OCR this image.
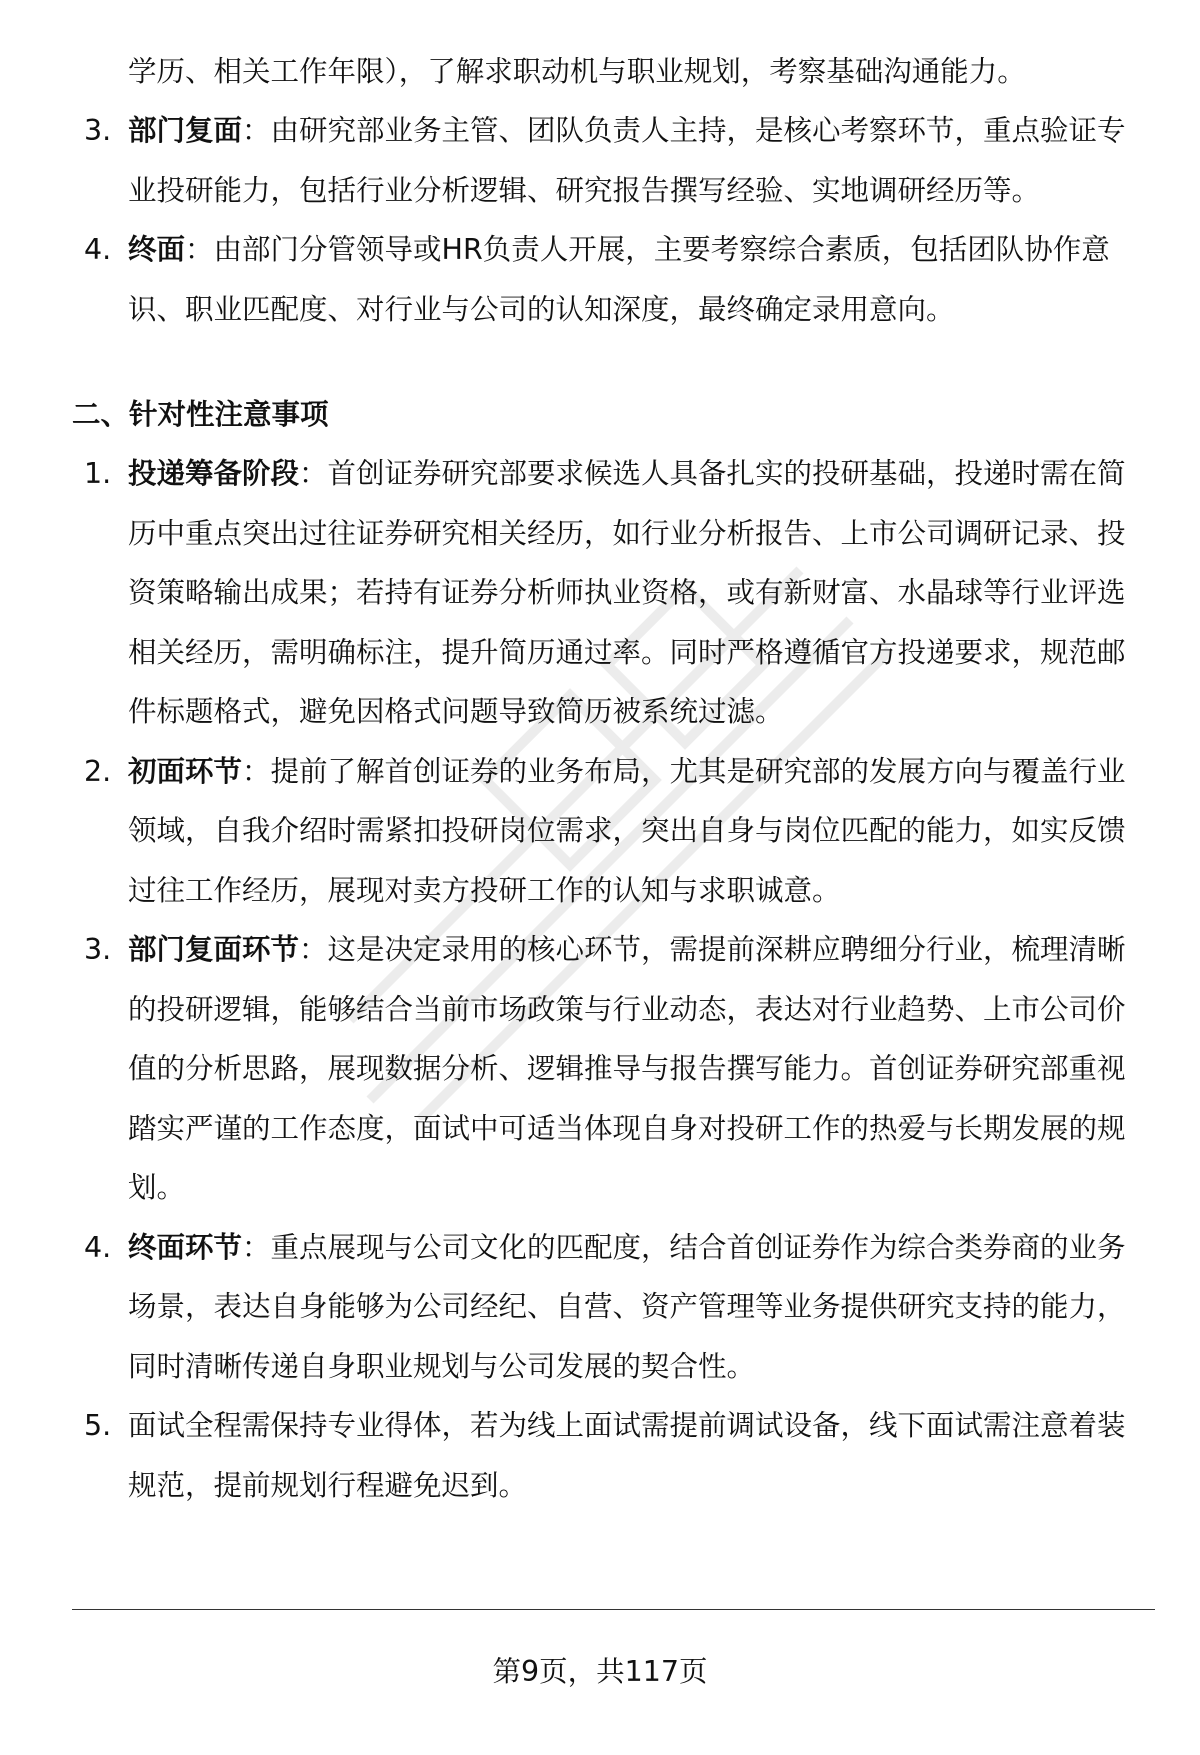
学历、相关工作年限），了解求职动机与职业规划，考察基础沟通能力。
3. 部门复面：由研究部业务主管、团队负责人主持，是核心考察环节，重点验证专业投研能力，包括行业分析逻辑、研究报告撰写经验、实地调研经历等。
4. 终面：由部门分管领导或HR负责人开展，主要考察综合素质，包括团队协作意识、职业匹配度、对行业与公司的认知深度，最终确定录用意向。
二、针对性注意事项
1. 投递筹备阶段：首创证券研究部要求候选人具备扎实的投研基础，投递时需在简历中重点突出过往证券研究相关经历，如行业分析报告、上市公司调研记录、投资策略输出成果；若持有证券分析师执业资格，或有新财富、水晶球等行业评选相关经历，需明确标注，提升简历通过率。同时严格遵循官方投递要求，规范邮件标题格式，避免因格式问题导致简历被系统过滤。
2. 初面环节：提前了解首创证券的业务布局，尤其是研究部的发展方向与覆盖行业领域，自我介绍时需紧扣投研岗位需求，突出自身与岗位匹配的能力，如实反馈过往工作经历，展现对卖方投研工作的认知与求职诚意。
3. 部门复面环节：这是决定录用的核心环节，需提前深耕应聘细分行业，梳理清晰的投研逻辑，能够结合当前市场政策与行业动态，表达对行业趋势、上市公司价值的分析思路，展现数据分析、逻辑推导与报告撰写能力。首创证券研究部重视踏实严谨的工作态度，面试中可适当体现自身对投研工作的热爱与长期发展的规划。
4. 终面环节：重点展现与公司文化的匹配度，结合首创证券作为综合类券商的业务场景，表达自身能够为公司经纪、自营、资产管理等业务提供研究支持的能力，同时清晰传递自身职业规划与公司发展的契合性。
5. 面试全程需保持专业得体，若为线上面试需提前调试设备，线下面试需注意着装规范，提前规划行程避免迟到。
第9页，共117页
